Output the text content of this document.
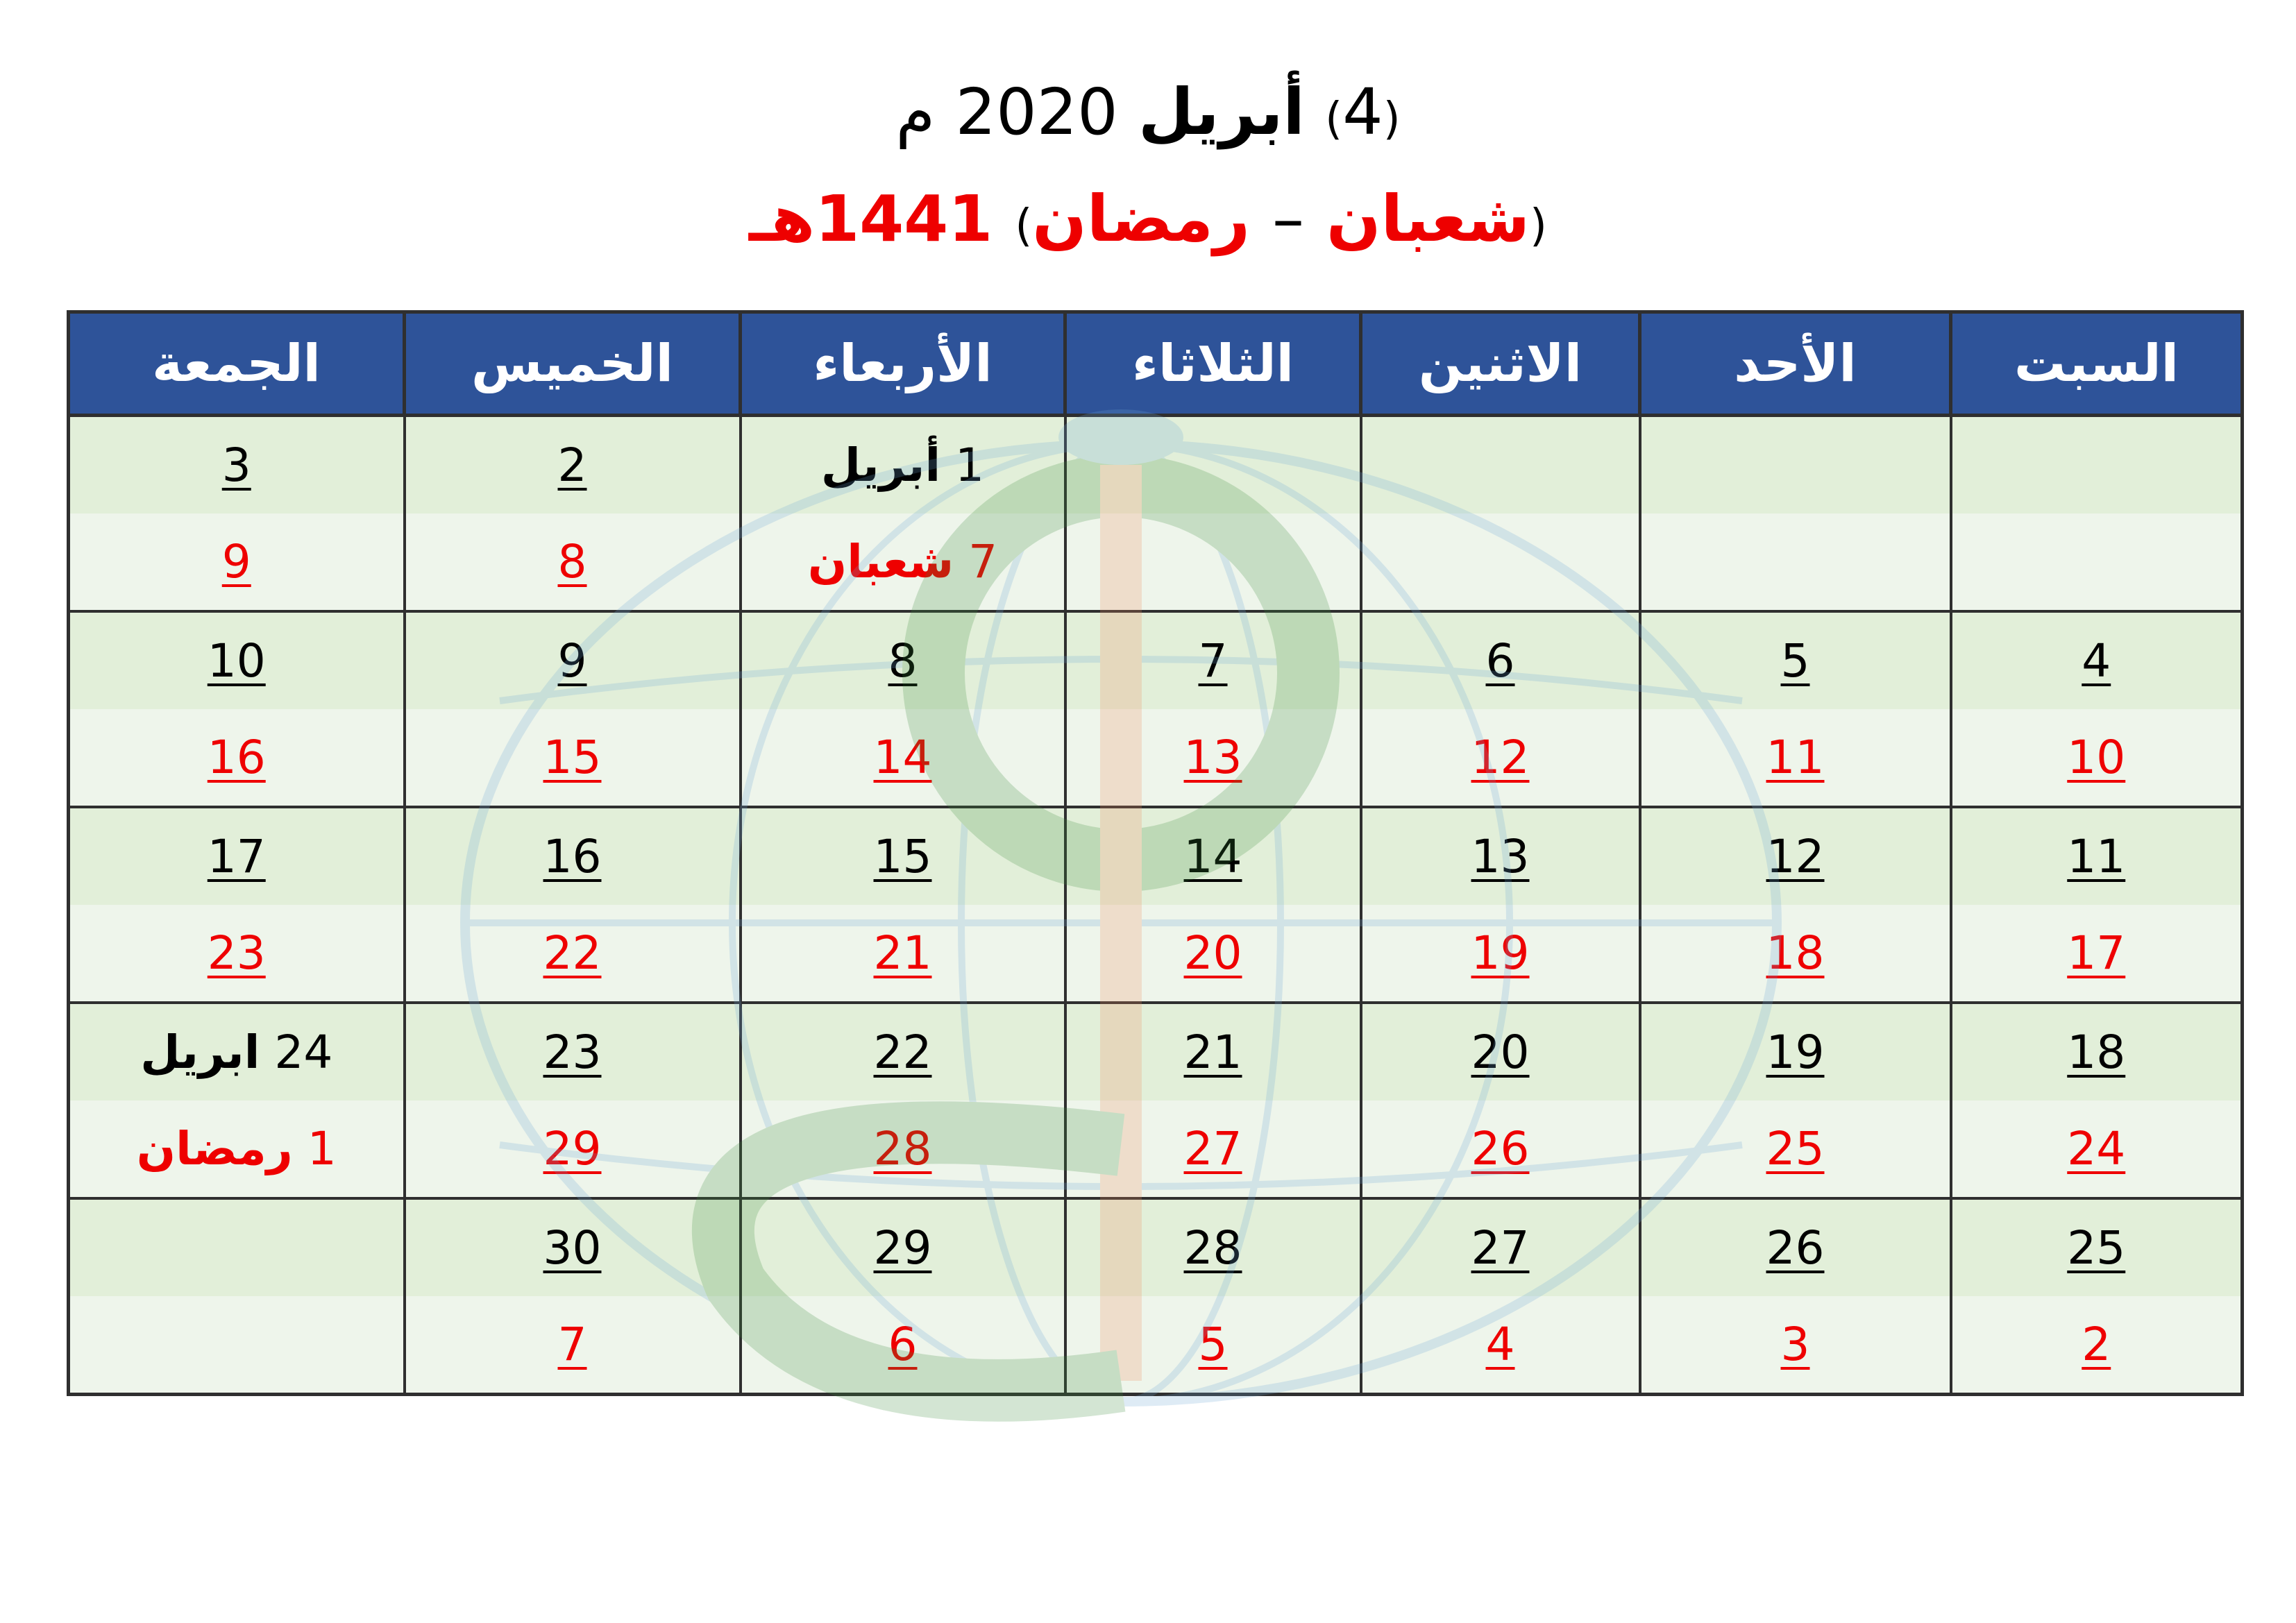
(4) أبريل 2020 م
(شعبان – رمضان) 1441هـ
السبت	الأحد	الاثنين	الثلاثاء	الأربعاء	الخميس	الجمعة
				1 أبريل	2	3
				7 شعبان	8	9
4	5	6	7	8	9	10
10	11	12	13	14	15	16
11	12	13	14	15	16	17
17	18	19	20	21	22	23
18	19	20	21	22	23	24 ابريل
24	25	26	27	28	29	1 رمضان
25	26	27	28	29	30	
2	3	4	5	6	7	
